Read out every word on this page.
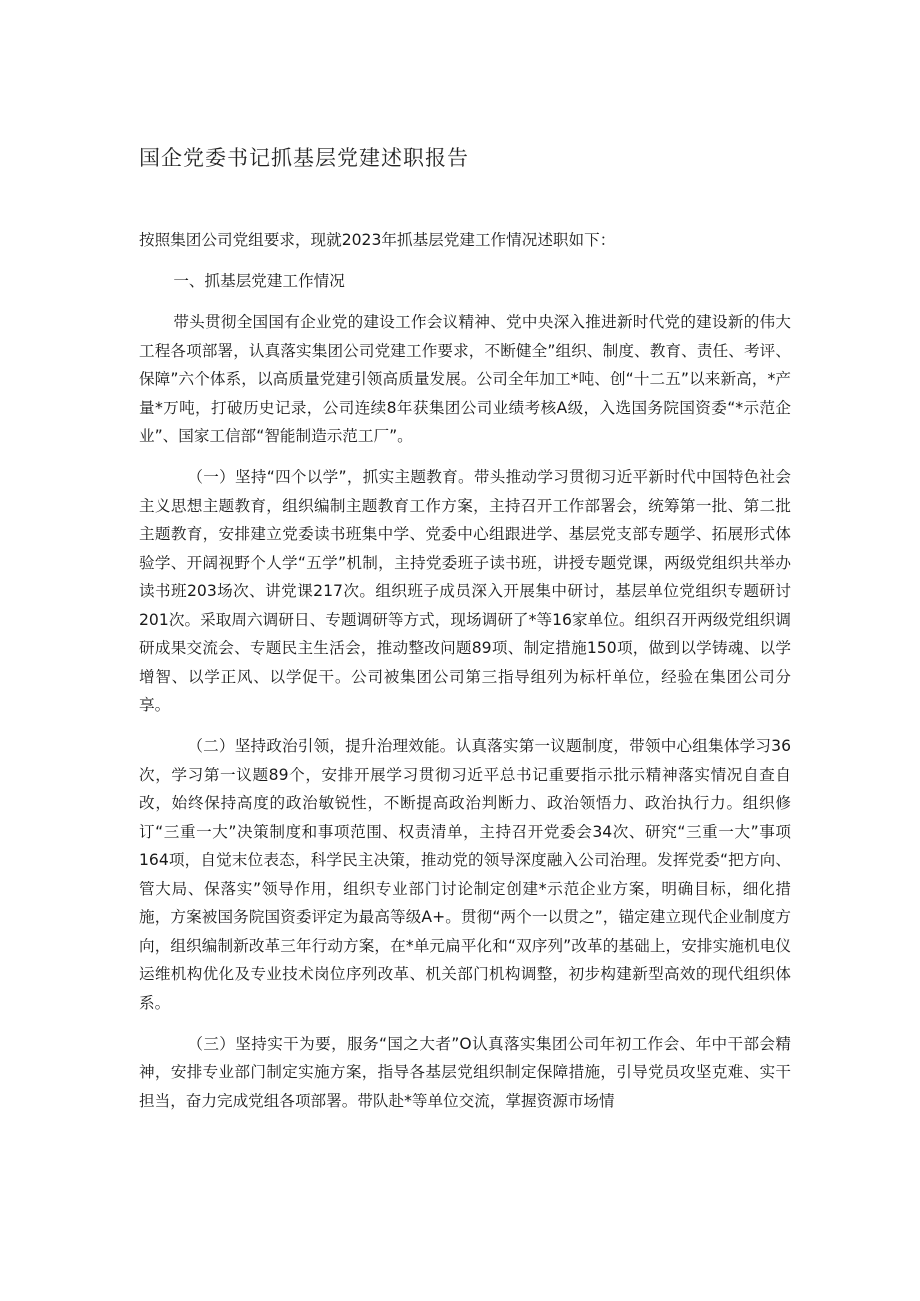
国企党委书记抓基层党建述职报告

按照集团公司党组要求，现就2023年抓基层党建工作情况述职如下：

一、抓基层党建工作情况

带头贯彻全国国有企业党的建设工作会议精神、党中央深入推进新时代党的建设新的伟大工程各项部署，认真落实集团公司党建工作要求，不断健全”组织、制度、教育、责任、考评、保障”六个体系，以高质量党建引领高质量发展。公司全年加工*吨、创“十二五”以来新高，*产量*万吨，打破历史记录，公司连续8年获集团公司业绩考核A级，入选国务院国资委“*示范企业”、国家工信部“智能制造示范工厂”。

（一）坚持“四个以学”，抓实主题教育。带头推动学习贯彻习近平新时代中国特色社会主义思想主题教育，组织编制主题教育工作方案，主持召开工作部署会，统筹第一批、第二批主题教育，安排建立党委读书班集中学、党委中心组跟进学、基层党支部专题学、拓展形式体验学、开阔视野个人学“五学”机制，主持党委班子读书班，讲授专题党课，两级党组织共举办读书班203场次、讲党课217次。组织班子成员深入开展集中研讨，基层单位党组织专题研讨201次。采取周六调研日、专题调研等方式，现场调研了*等16家单位。组织召开两级党组织调研成果交流会、专题民主生活会，推动整改问题89项、制定措施150项，做到以学铸魂、以学增智、以学正风、以学促干。公司被集团公司第三指导组列为标杆单位，经验在集团公司分享。

（二）坚持政治引领，提升治理效能。认真落实第一议题制度，带领中心组集体学习36次，学习第一议题89个，安排开展学习贯彻习近平总书记重要指示批示精神落实情况自查自改，始终保持高度的政治敏锐性，不断提高政治判断力、政治领悟力、政治执行力。组织修订“三重一大”决策制度和事项范围、权责清单，主持召开党委会34次、研究“三重一大”事项164项，自觉末位表态，科学民主决策，推动党的领导深度融入公司治理。发挥党委“把方向、管大局、保落实”领导作用，组织专业部门讨论制定创建*示范企业方案，明确目标，细化措施，方案被国务院国资委评定为最高等级A+。贯彻“两个一以贯之”，锚定建立现代企业制度方向，组织编制新改革三年行动方案，在*单元扁平化和“双序列”改革的基础上，安排实施机电仪运维机构优化及专业技术岗位序列改革、机关部门机构调整，初步构建新型高效的现代组织体系。

（三）坚持实干为要，服务“国之大者”O认真落实集团公司年初工作会、年中干部会精神，安排专业部门制定实施方案，指导各基层党组织制定保障措施，引导党员攻坚克难、实干担当，奋力完成党组各项部署。带队赴*等单位交流，掌握资源市场情
